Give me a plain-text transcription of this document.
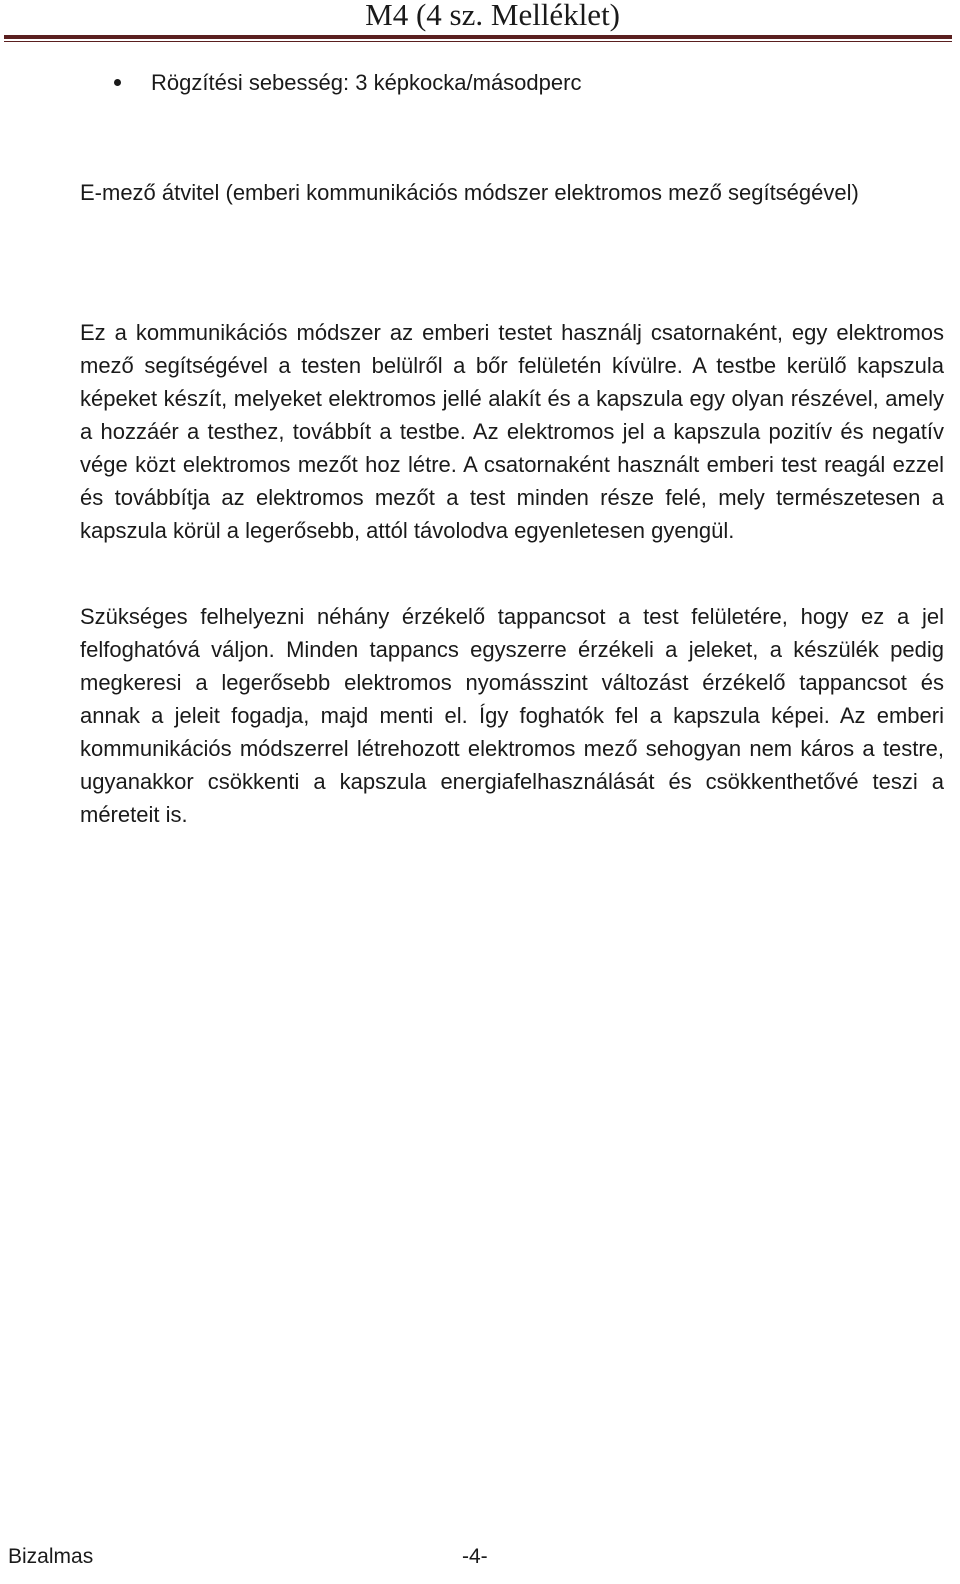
M4 (4 sz. Melléklet)
Rögzítési sebesség: 3 képkocka/másodperc
E-mező átvitel (emberi kommunikációs módszer elektromos mező segítségével)
Ez a kommunikációs módszer az emberi testet használj csatornaként, egy elektromos mező segítségével a testen belülről a bőr felületén kívülre. A testbe kerülő kapszula képeket készít, melyeket elektromos jellé alakít és a kapszula egy olyan részével, amely a hozzáér a testhez, továbbít a testbe. Az elektromos jel a kapszula pozitív és negatív vége közt elektromos mezőt hoz létre. A csatornaként használt emberi test reagál ezzel és továbbítja az elektromos mezőt a test minden része felé, mely természetesen a kapszula körül a legerősebb, attól távolodva egyenletesen gyengül.
Szükséges felhelyezni néhány érzékelő tappancsot a test felületére, hogy ez a jel felfoghatóvá váljon. Minden tappancs egyszerre érzékeli a jeleket, a készülék pedig megkeresi a legerősebb elektromos nyomásszint változást érzékelő tappancsot és annak a jeleit fogadja, majd menti el. Így foghatók fel a kapszula képei. Az emberi kommunikációs módszerrel létrehozott elektromos mező sehogyan nem káros a testre, ugyanakkor csökkenti a kapszula energiafelhasználását és csökkenthetővé teszi a méreteit is.
Bizalmas	-4-
